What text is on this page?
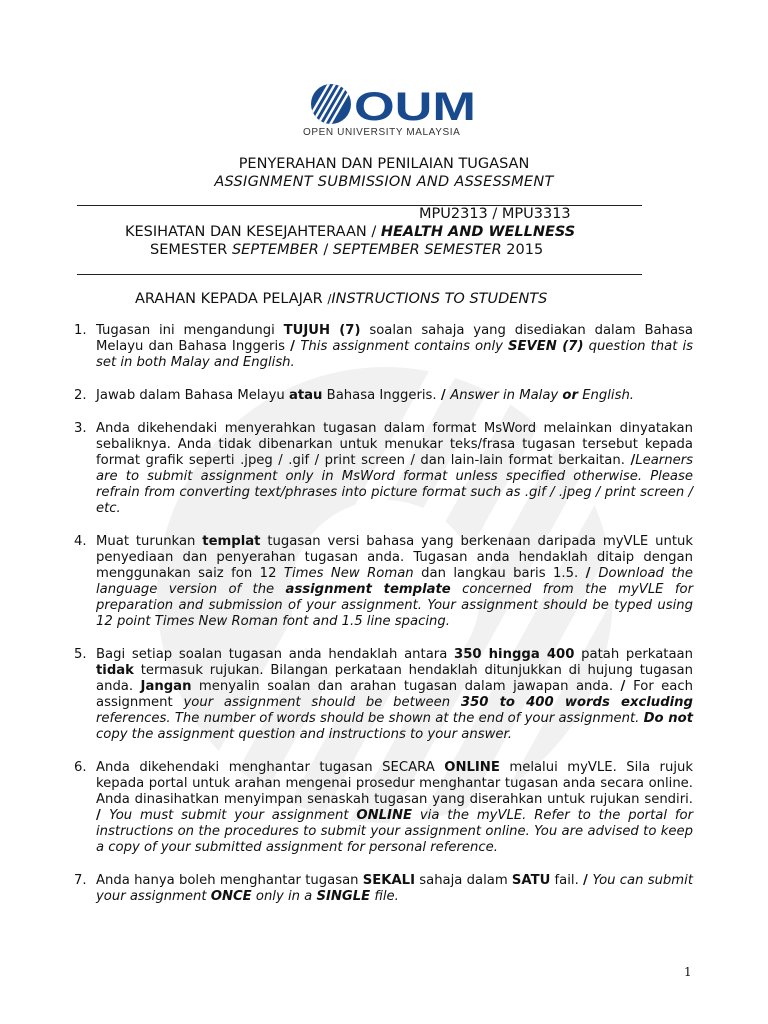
OUM
OPEN UNIVERSITY MALAYSIA
PENYERAHAN DAN PENILAIAN TUGASAN
ASSIGNMENT SUBMISSION AND ASSESSMENT
MPU2313 / MPU3313
KESIHATAN DAN KESEJAHTERAAN / HEALTH AND WELLNESS
SEMESTER SEPTEMBER / SEPTEMBER SEMESTER 2015
ARAHAN KEPADA PELAJAR /INSTRUCTIONS TO STUDENTS
1. Tugasan ini mengandungi TUJUH (7) soalan sahaja yang disediakan dalam Bahasa Melayu dan Bahasa Inggeris / This assignment contains only SEVEN (7) question that is set in both Malay and English.
2. Jawab dalam Bahasa Melayu atau Bahasa Inggeris. / Answer in Malay or English.
3. Anda dikehendaki menyerahkan tugasan dalam format MsWord melainkan dinyatakan sebaliknya. Anda tidak dibenarkan untuk menukar teks/frasa tugasan tersebut kepada format grafik seperti .jpeg / .gif / print screen / dan lain-lain format berkaitan. /Learners are to submit assignment only in MsWord format unless specified otherwise. Please refrain from converting text/phrases into picture format such as .gif / .jpeg / print screen / etc.
4. Muat turunkan templat tugasan versi bahasa yang berkenaan daripada myVLE untuk penyediaan dan penyerahan tugasan anda. Tugasan anda hendaklah ditaip dengan menggunakan saiz fon 12 Times New Roman dan langkau baris 1.5. / Download the language version of the assignment template concerned from the myVLE for preparation and submission of your assignment. Your assignment should be typed using 12 point Times New Roman font and 1.5 line spacing.
5. Bagi setiap soalan tugasan anda hendaklah antara 350 hingga 400 patah perkataan tidak termasuk rujukan. Bilangan perkataan hendaklah ditunjukkan di hujung tugasan anda. Jangan menyalin soalan dan arahan tugasan dalam jawapan anda. / For each assignment your assignment should be between 350 to 400 words excluding references. The number of words should be shown at the end of your assignment. Do not copy the assignment question and instructions to your answer.
6. Anda dikehendaki menghantar tugasan SECARA ONLINE melalui myVLE. Sila rujuk kepada portal untuk arahan mengenai prosedur menghantar tugasan anda secara online. Anda dinasihatkan menyimpan senaskah tugasan yang diserahkan untuk rujukan sendiri. / You must submit your assignment ONLINE via the myVLE. Refer to the portal for instructions on the procedures to submit your assignment online. You are advised to keep a copy of your submitted assignment for personal reference.
7. Anda hanya boleh menghantar tugasan SEKALI sahaja dalam SATU fail. / You can submit your assignment ONCE only in a SINGLE file.
1
